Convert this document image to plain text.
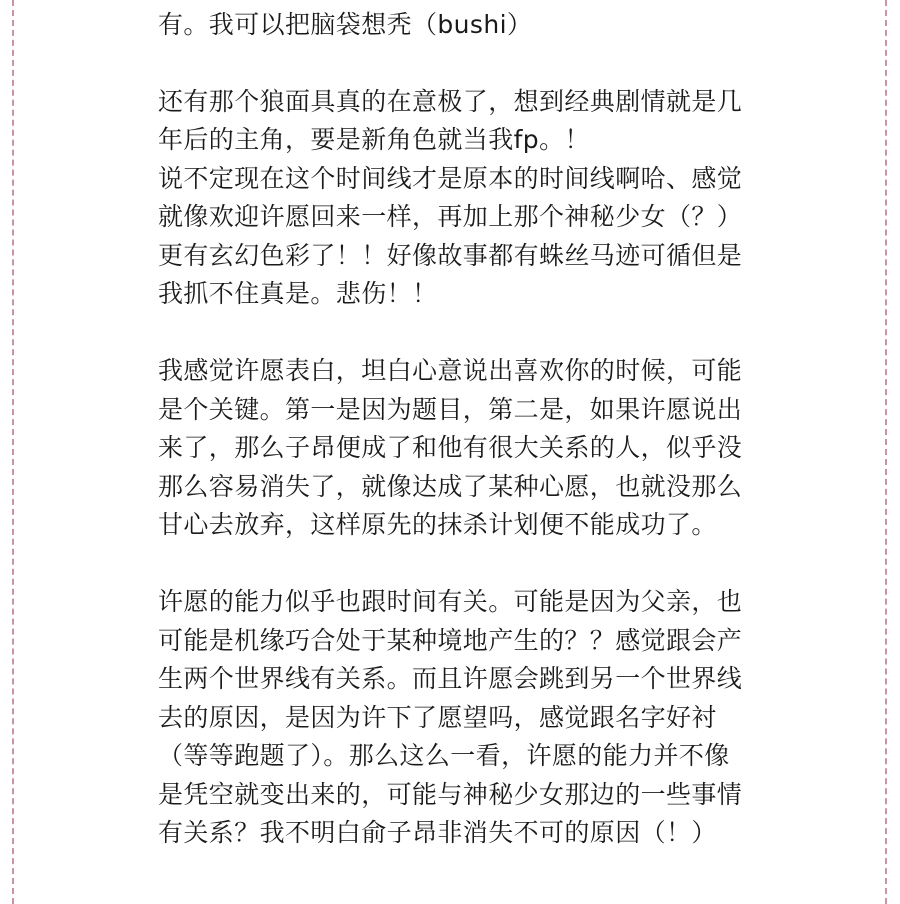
有。我可以把脑袋想秃（bushi）
还有那个狼面具真的在意极了，想到经典剧情就是几
年后的主角，要是新角色就当我fp。！
说不定现在这个时间线才是原本的时间线啊哈、感觉
就像欢迎许愿回来一样，再加上那个神秘少女（？）
更有玄幻色彩了！！好像故事都有蛛丝马迹可循但是
我抓不住真是。悲伤！！
我感觉许愿表白，坦白心意说出喜欢你的时候，可能
是个关键。第一是因为题目，第二是，如果许愿说出
来了，那么子昂便成了和他有很大关系的人，似乎没
那么容易消失了，就像达成了某种心愿，也就没那么
甘心去放弃，这样原先的抹杀计划便不能成功了。
许愿的能力似乎也跟时间有关。可能是因为父亲，也
可能是机缘巧合处于某种境地产生的？？感觉跟会产
生两个世界线有关系。而且许愿会跳到另一个世界线
去的原因，是因为许下了愿望吗，感觉跟名字好衬
（等等跑题了）。那么这么一看，许愿的能力并不像
是凭空就变出来的，可能与神秘少女那边的一些事情
有关系？我不明白俞子昂非消失不可的原因（！）
